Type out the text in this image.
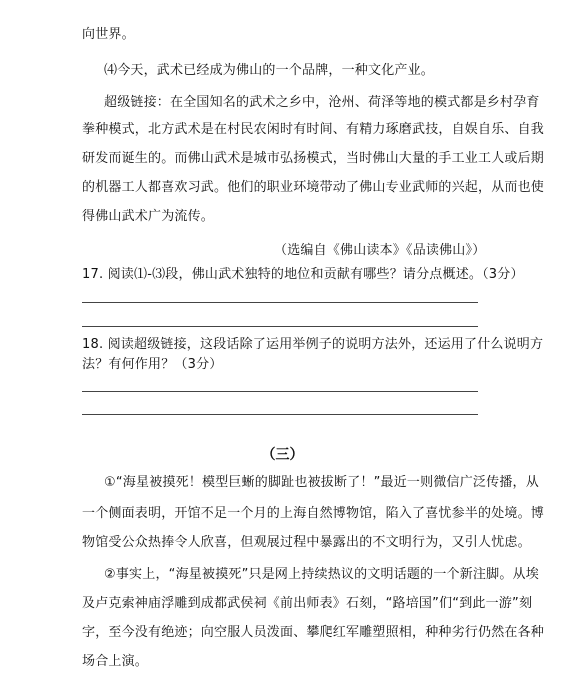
向世界。
⑷今天，武术已经成为佛山的一个品牌，一种文化产业。
超级链接：在全国知名的武术之乡中，沧州、荷泽等地的模式都是乡村孕育
拳种模式，北方武术是在村民农闲时有时间、有精力琢磨武技，自娱自乐、自我
研发而诞生的。而佛山武术是城市弘扬模式，当时佛山大量的手工业工人或后期
的机器工人都喜欢习武。他们的职业环境带动了佛山专业武师的兴起，从而也使
得佛山武术广为流传。
（选编自《佛山读本》《品读佛山》）
17. 阅读⑴-⑶段，佛山武术独特的地位和贡献有哪些？请分点概述。（3分）
18. 阅读超级链接，这段话除了运用举例子的说明方法外，还运用了什么说明方
法？有何作用？（3分）
（三）
①“海星被摸死！模型巨蜥的脚趾也被拔断了！”最近一则微信广泛传播，从
一个侧面表明，开馆不足一个月的上海自然博物馆，陷入了喜忧参半的处境。博
物馆受公众热捧令人欣喜，但观展过程中暴露出的不文明行为，又引人忧虑。
②事实上，“海星被摸死”只是网上持续热议的文明话题的一个新注脚。从埃
及卢克索神庙浮雕到成都武侯祠《前出师表》石刻，“路培国”们“到此一游”刻
字，至今没有绝迹；向空服人员泼面、攀爬红军雕塑照相，种种劣行仍然在各种
场合上演。
